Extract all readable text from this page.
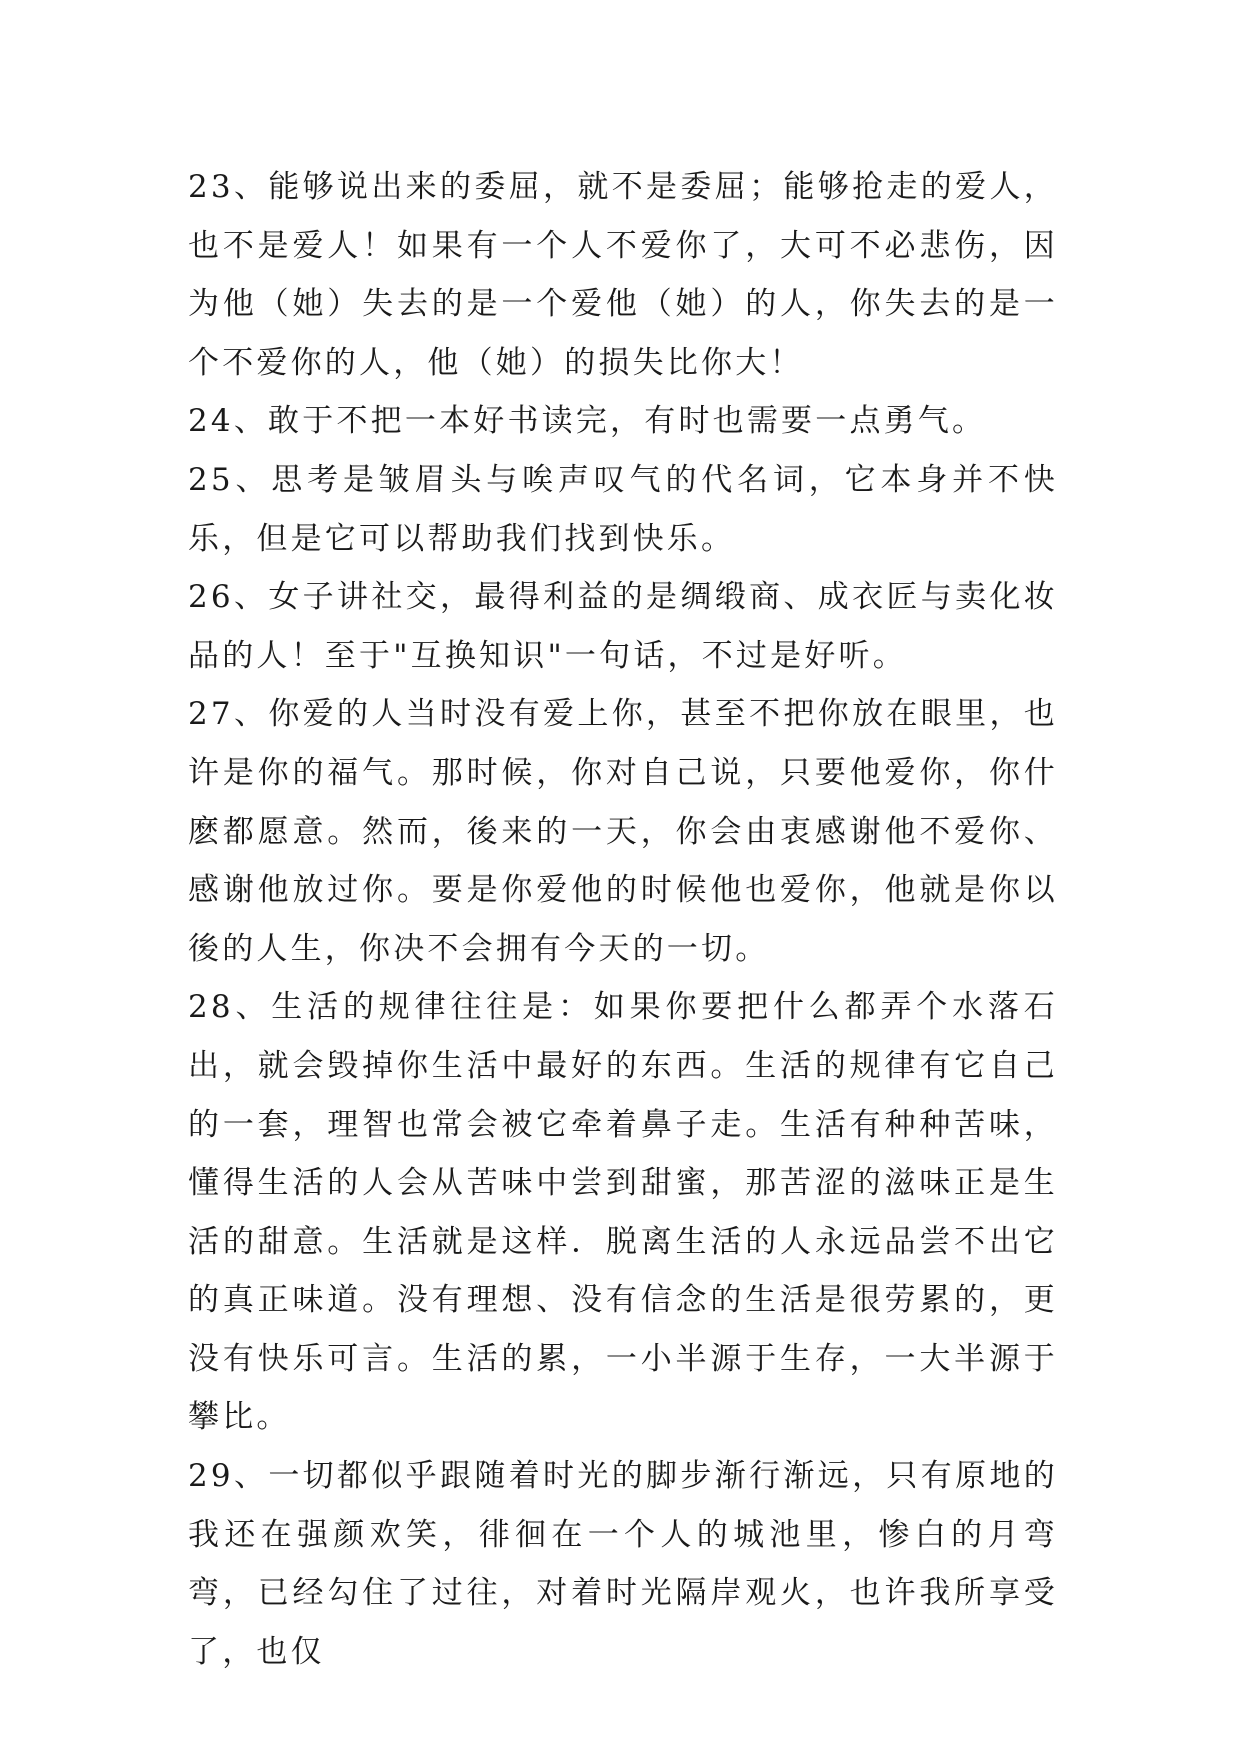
23、能够说出来的委屈，就不是委屈；能够抢走的爱人，也不是爱人！如果有一个人不爱你了，大可不必悲伤，因为他（她）失去的是一个爱他（她）的人，你失去的是一个不爱你的人，他（她）的损失比你大！

24、敢于不把一本好书读完，有时也需要一点勇气。

25、思考是皱眉头与唉声叹气的代名词，它本身并不快乐，但是它可以帮助我们找到快乐。

26、女子讲社交，最得利益的是绸缎商、成衣匠与卖化妆品的人！至于"互换知识"一句话，不过是好听。

27、你爱的人当时没有爱上你，甚至不把你放在眼里，也许是你的福气。那时候，你对自己说，只要他爱你，你什麽都愿意。然而，後来的一天，你会由衷感谢他不爱你、感谢他放过你。要是你爱他的时候他也爱你，他就是你以後的人生，你决不会拥有今天的一切。

28、生活的规律往往是：如果你要把什么都弄个水落石出，就会毁掉你生活中最好的东西。生活的规律有它自己的一套，理智也常会被它牵着鼻子走。生活有种种苦味，懂得生活的人会从苦味中尝到甜蜜，那苦涩的滋味正是生活的甜意。生活就是这样．脱离生活的人永远品尝不出它的真正味道。没有理想、没有信念的生活是很劳累的，更没有快乐可言。生活的累，一小半源于生存，一大半源于攀比。

29、一切都似乎跟随着时光的脚步渐行渐远，只有原地的我还在强颜欢笑，徘徊在一个人的城池里，惨白的月弯弯，已经勾住了过往，对着时光隔岸观火，也许我所享受了，也仅
